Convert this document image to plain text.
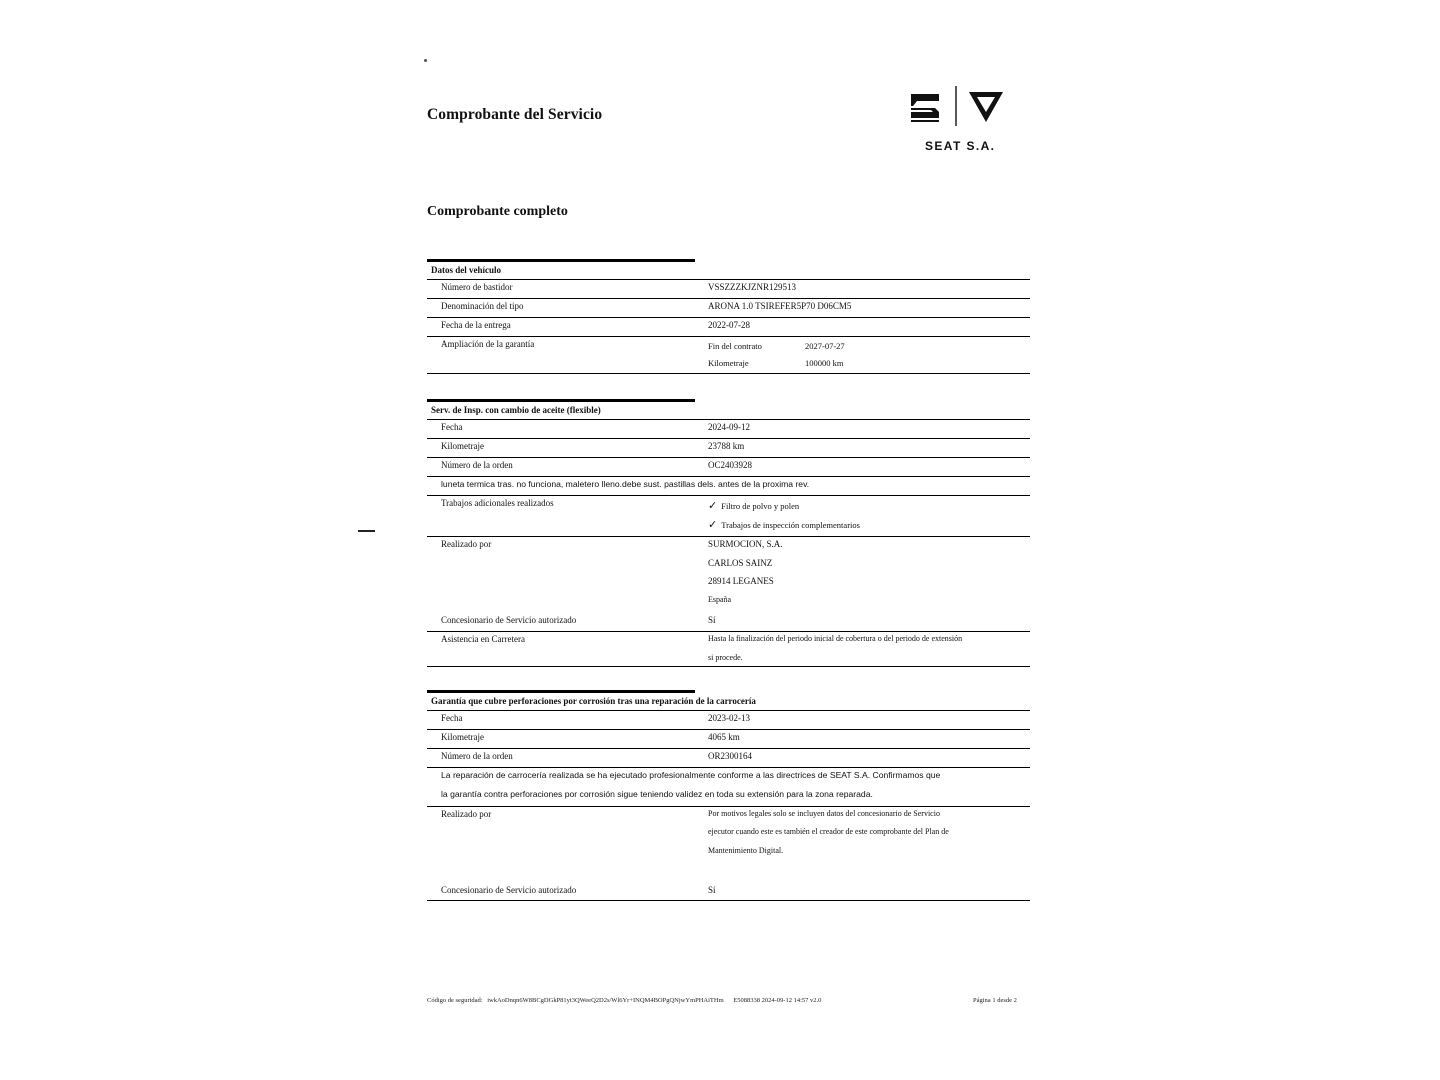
Comprobante del Servicio
Comprobante completo
SEAT S.A.
Datos del vehículo
Número de bastidor	VSSZZZKJZNR129513
Denominación del tipo	ARONA 1.0 TSIREFER5P70 D06CM5
Fecha de la entrega	2022-07-28
Ampliación de la garantía	Fin del contrato	2027-07-27
Kilometraje	100000 km
Serv. de Insp. con cambio de aceite (flexible)
Fecha	2024-09-12
Kilometraje	23788 km
Número de la orden	OC2403928
luneta termica tras. no funciona, maletero lleno.debe sust. pastillas dels. antes de la proxima rev.
Trabajos adicionales realizados	✓ Filtro de polvo y polen
✓ Trabajos de inspección complementarios
Realizado por	SURMOCION, S.A.
CARLOS SAINZ
28914 LEGANES
España
Concesionario de Servicio autorizado	Sí
Asistencia en Carretera	Hasta la finalización del periodo inicial de cobertura o del periodo de extensión
si procede.
Garantía que cubre perforaciones por corrosión tras una reparación de la carrocería
Fecha	2023-02-13
Kilometraje	4065 km
Número de la orden	OR2300164
La reparación de carrocería realizada se ha ejecutado profesionalmente conforme a las directrices de SEAT S.A. Confirmamos que
la garantía contra perforaciones por corrosión sigue teniendo validez en toda su extensión para la zona reparada.
Realizado por	Por motivos legales solo se incluyen datos del concesionario de Servicio
ejecutor cuando este es también el creador de este comprobante del Plan de
Mantenimiento Digital.
Concesionario de Servicio autorizado	Sí
Código de seguridad: iwkAoDnqn6W8BCgDGkP81yt3QWeeQ2D2s/Wl6Yr+INQM4BOPgQNjwYmPHAiTHm E5088338 2024-09-12 14:57 v2.0	Página 1 desde 2
